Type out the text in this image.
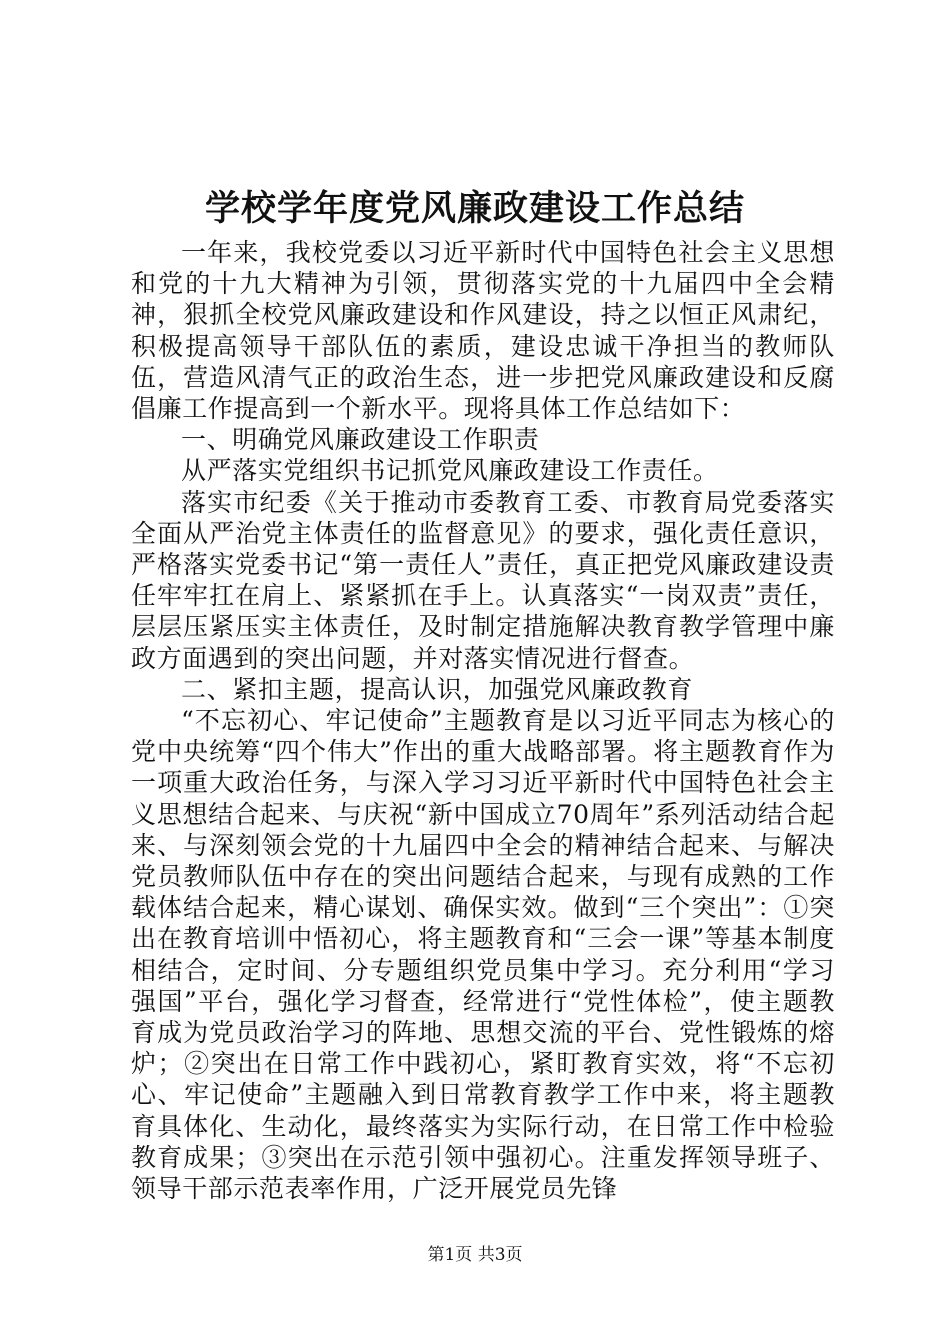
学校学年度党风廉政建设工作总结

一年来，我校党委以习近平新时代中国特色社会主义思想和党的十九大精神为引领，贯彻落实党的十九届四中全会精神，狠抓全校党风廉政建设和作风建设，持之以恒正风肃纪，积极提高领导干部队伍的素质，建设忠诚干净担当的教师队伍，营造风清气正的政治生态，进一步把党风廉政建设和反腐倡廉工作提高到一个新水平。现将具体工作总结如下：

一、明确党风廉政建设工作职责

从严落实党组织书记抓党风廉政建设工作责任。

落实市纪委《关于推动市委教育工委、市教育局党委落实全面从严治党主体责任的监督意见》的要求，强化责任意识，严格落实党委书记“第一责任人”责任，真正把党风廉政建设责任牢牢扛在肩上、紧紧抓在手上。认真落实“一岗双责”责任，层层压紧压实主体责任，及时制定措施解决教育教学管理中廉政方面遇到的突出问题，并对落实情况进行督查。

二、紧扣主题，提高认识，加强党风廉政教育

“不忘初心、牢记使命”主题教育是以习近平同志为核心的党中央统筹“四个伟大”作出的重大战略部署。将主题教育作为一项重大政治任务，与深入学习习近平新时代中国特色社会主义思想结合起来、与庆祝“新中国成立70周年”系列活动结合起来、与深刻领会党的十九届四中全会的精神结合起来、与解决党员教师队伍中存在的突出问题结合起来，与现有成熟的工作载体结合起来，精心谋划、确保实效。做到“三个突出”：①突出在教育培训中悟初心，将主题教育和“三会一课”等基本制度相结合，定时间、分专题组织党员集中学习。充分利用“学习强国”平台，强化学习督查，经常进行“党性体检”，使主题教育成为党员政治学习的阵地、思想交流的平台、党性锻炼的熔炉；②突出在日常工作中践初心，紧盯教育实效，将“不忘初心、牢记使命”主题融入到日常教育教学工作中来，将主题教育具体化、生动化，最终落实为实际行动，在日常工作中检验教育成果；③突出在示范引领中强初心。注重发挥领导班子、领导干部示范表率作用，广泛开展党员先锋

第1页 共3页
